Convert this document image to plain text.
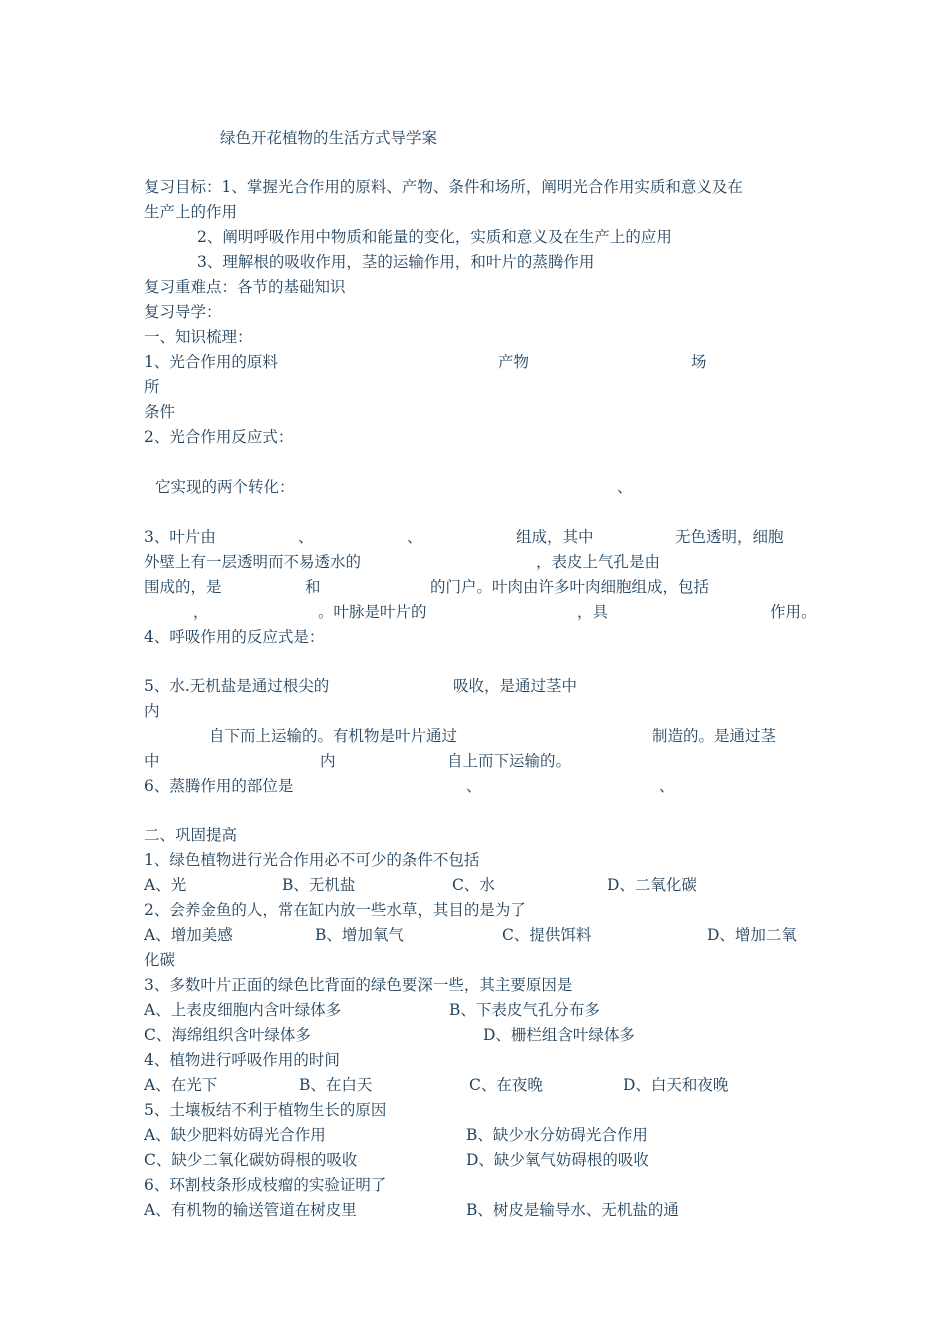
绿色开花植物的生活方式导学案
复习目标：1、掌握光合作用的原料、产物、条件和场所，阐明光合作用实质和意义及在
生产上的作用
2、阐明呼吸作用中物质和能量的变化，实质和意义及在生产上的应用
3、理解根的吸收作用，茎的运输作用，和叶片的蒸腾作用
复习重难点：各节的基础知识
复习导学：
一、知识梳理：
1、光合作用的原料	产物	场
所
条件
2、光合作用反应式：
它实现的两个转化：	、
3、叶片由	、	、	组成，其中	无色透明，细胞
外壁上有一层透明而不易透水的	，表皮上气孔是由
围成的，是	和	的门户。叶肉由许多叶肉细胞组成，包括
，	。叶脉是叶片的	，具	作用。
4、呼吸作用的反应式是：
5、水.无机盐是通过根尖的	吸收，是通过茎中
内
自下而上运输的。有机物是叶片通过	制造的。是通过茎
中	内	自上而下运输的。
6、蒸腾作用的部位是	、	、
二、巩固提高
1、绿色植物进行光合作用必不可少的条件不包括
A、光	B、无机盐	C、水	D、二氧化碳
2、会养金鱼的人，常在缸内放一些水草，其目的是为了
A、增加美感	B、增加氧气	C、提供饵料	D、增加二氧
化碳
3、多数叶片正面的绿色比背面的绿色要深一些，其主要原因是
A、上表皮细胞内含叶绿体多	B、下表皮气孔分布多
C、海绵组织含叶绿体多	D、栅栏组含叶绿体多
4、植物进行呼吸作用的时间
A、在光下	B、在白天	C、在夜晚	D、白天和夜晚
5、土壤板结不利于植物生长的原因
A、缺少肥料妨碍光合作用	B、缺少水分妨碍光合作用
C、缺少二氧化碳妨碍根的吸收	D、缺少氧气妨碍根的吸收
6、环割枝条形成枝瘤的实验证明了
A、有机物的输送管道在树皮里	B、树皮是输导水、无机盐的通
